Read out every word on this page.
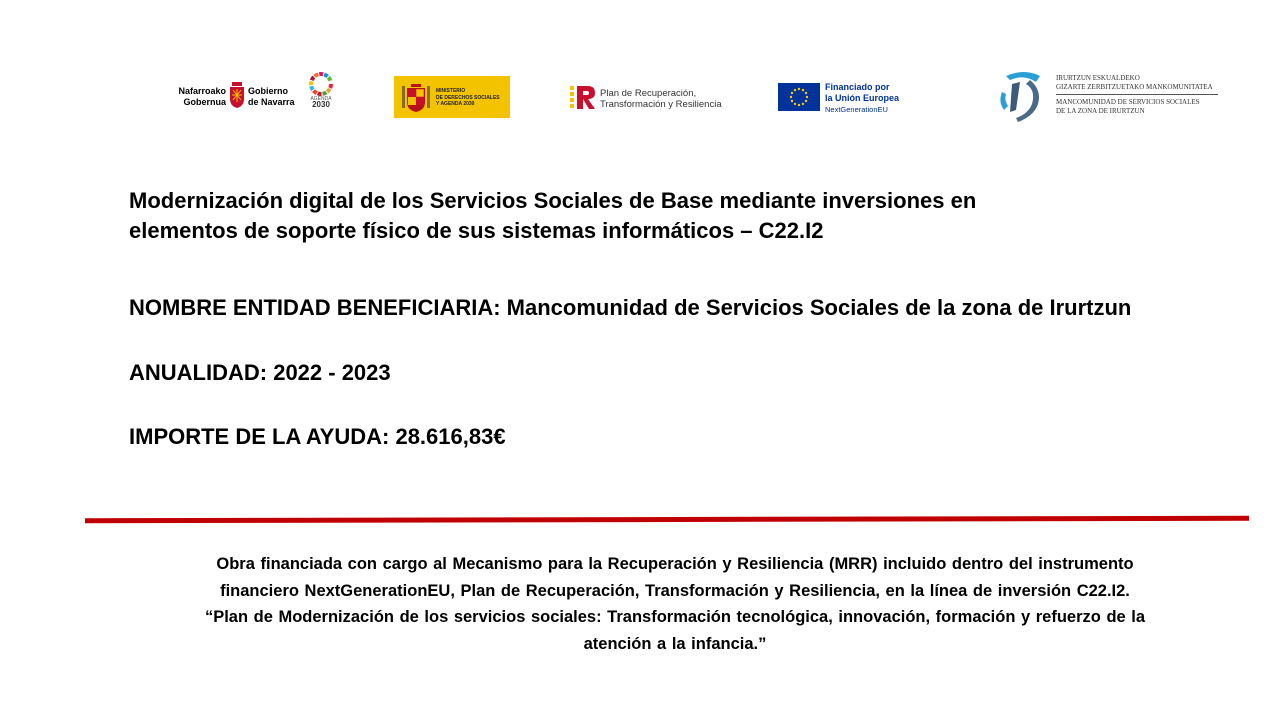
Nafarroako
Gobernua
Gobierno
de Navarra	AGENDA
2030
MINISTERIO
DE DERECHOS SOCIALES
Y AGENDA 2030
Plan de Recuperación,
Transformación y Resiliencia
Financiado por
la Unión Europea
NextGenerationEU
IRURTZUN ESKUALDEKO
GIZARTE ZERBITZUETAKO MANKOMUNITATEA
MANCOMUNIDAD DE SERVICIOS SOCIALES
DE LA ZONA DE IRURTZUN
Modernización digital de los Servicios Sociales de Base mediante inversiones en
elementos de soporte físico de sus sistemas informáticos – C22.I2

NOMBRE ENTIDAD BENEFICIARIA: Mancomunidad de Servicios Sociales de la zona de Irurtzun

ANUALIDAD: 2022 - 2023

IMPORTE DE LA AYUDA: 28.616,83€

Obra financiada con cargo al Mecanismo para la Recuperación y Resiliencia (MRR) incluido dentro del instrumento
financiero NextGenerationEU, Plan de Recuperación, Transformación y Resiliencia, en la línea de inversión C22.I2.
“Plan de Modernización de los servicios sociales: Transformación tecnológica, innovación, formación y refuerzo de la
atención a la infancia.”
